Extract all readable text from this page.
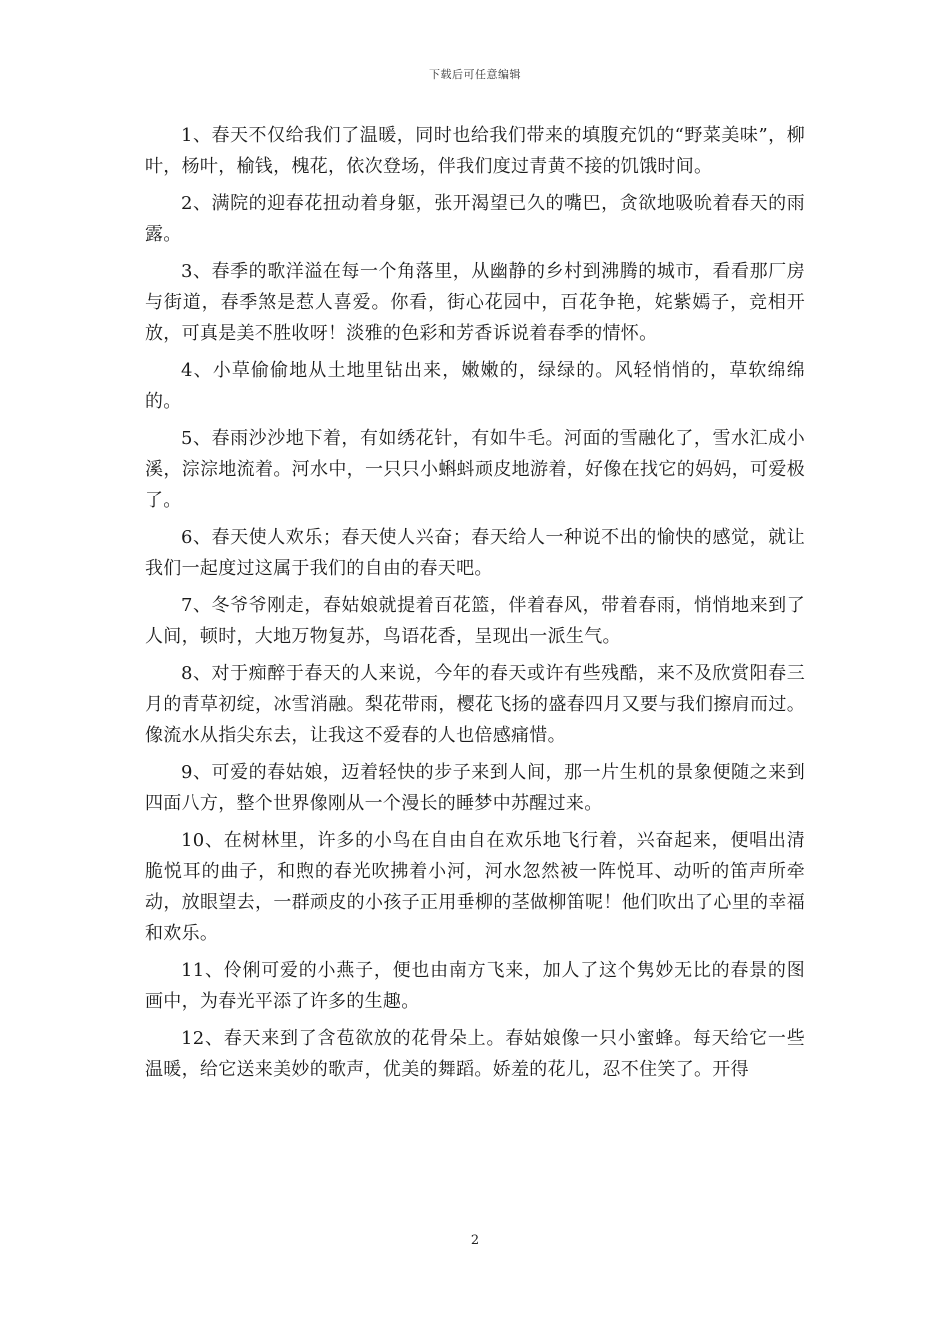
下载后可任意编辑

1、春天不仅给我们了温暖，同时也给我们带来的填腹充饥的“野菜美味”，柳叶，杨叶，榆钱，槐花，依次登场，伴我们度过青黄不接的饥饿时间。

2、满院的迎春花扭动着身躯，张开渴望已久的嘴巴，贪欲地吸吮着春天的雨露。

3、春季的歌洋溢在每一个角落里，从幽静的乡村到沸腾的城市，看看那厂房与街道，春季煞是惹人喜爱。你看，街心花园中，百花争艳，姹紫嫣子，竞相开放，可真是美不胜收呀！淡雅的色彩和芳香诉说着春季的情怀。

4、小草偷偷地从土地里钻出来，嫩嫩的，绿绿的。风轻悄悄的，草软绵绵的。

5、春雨沙沙地下着，有如绣花针，有如牛毛。河面的雪融化了，雪水汇成小溪，淙淙地流着。河水中，一只只小蝌蚪顽皮地游着，好像在找它的妈妈，可爱极了。

6、春天使人欢乐；春天使人兴奋；春天给人一种说不出的愉快的感觉，就让我们一起度过这属于我们的自由的春天吧。

7、冬爷爷刚走，春姑娘就提着百花篮，伴着春风，带着春雨，悄悄地来到了人间，顿时，大地万物复苏，鸟语花香，呈现出一派生气。

8、对于痴醉于春天的人来说，今年的春天或许有些残酷，来不及欣赏阳春三月的青草初绽，冰雪消融。梨花带雨，樱花飞扬的盛春四月又要与我们擦肩而过。像流水从指尖东去，让我这不爱春的人也倍感痛惜。

9、可爱的春姑娘，迈着轻快的步子来到人间，那一片生机的景象便随之来到四面八方，整个世界像刚从一个漫长的睡梦中苏醒过来。

10、在树林里，许多的小鸟在自由自在欢乐地飞行着，兴奋起来，便唱出清脆悦耳的曲子，和煦的春光吹拂着小河，河水忽然被一阵悦耳、动听的笛声所牵动，放眼望去，一群顽皮的小孩子正用垂柳的茎做柳笛呢！他们吹出了心里的幸福和欢乐。

11、伶俐可爱的小燕子，便也由南方飞来，加人了这个隽妙无比的春景的图画中，为春光平添了许多的生趣。

12、春天来到了含苞欲放的花骨朵上。春姑娘像一只小蜜蜂。每天给它一些温暖，给它送来美妙的歌声，优美的舞蹈。娇羞的花儿，忍不住笑了。开得

2
